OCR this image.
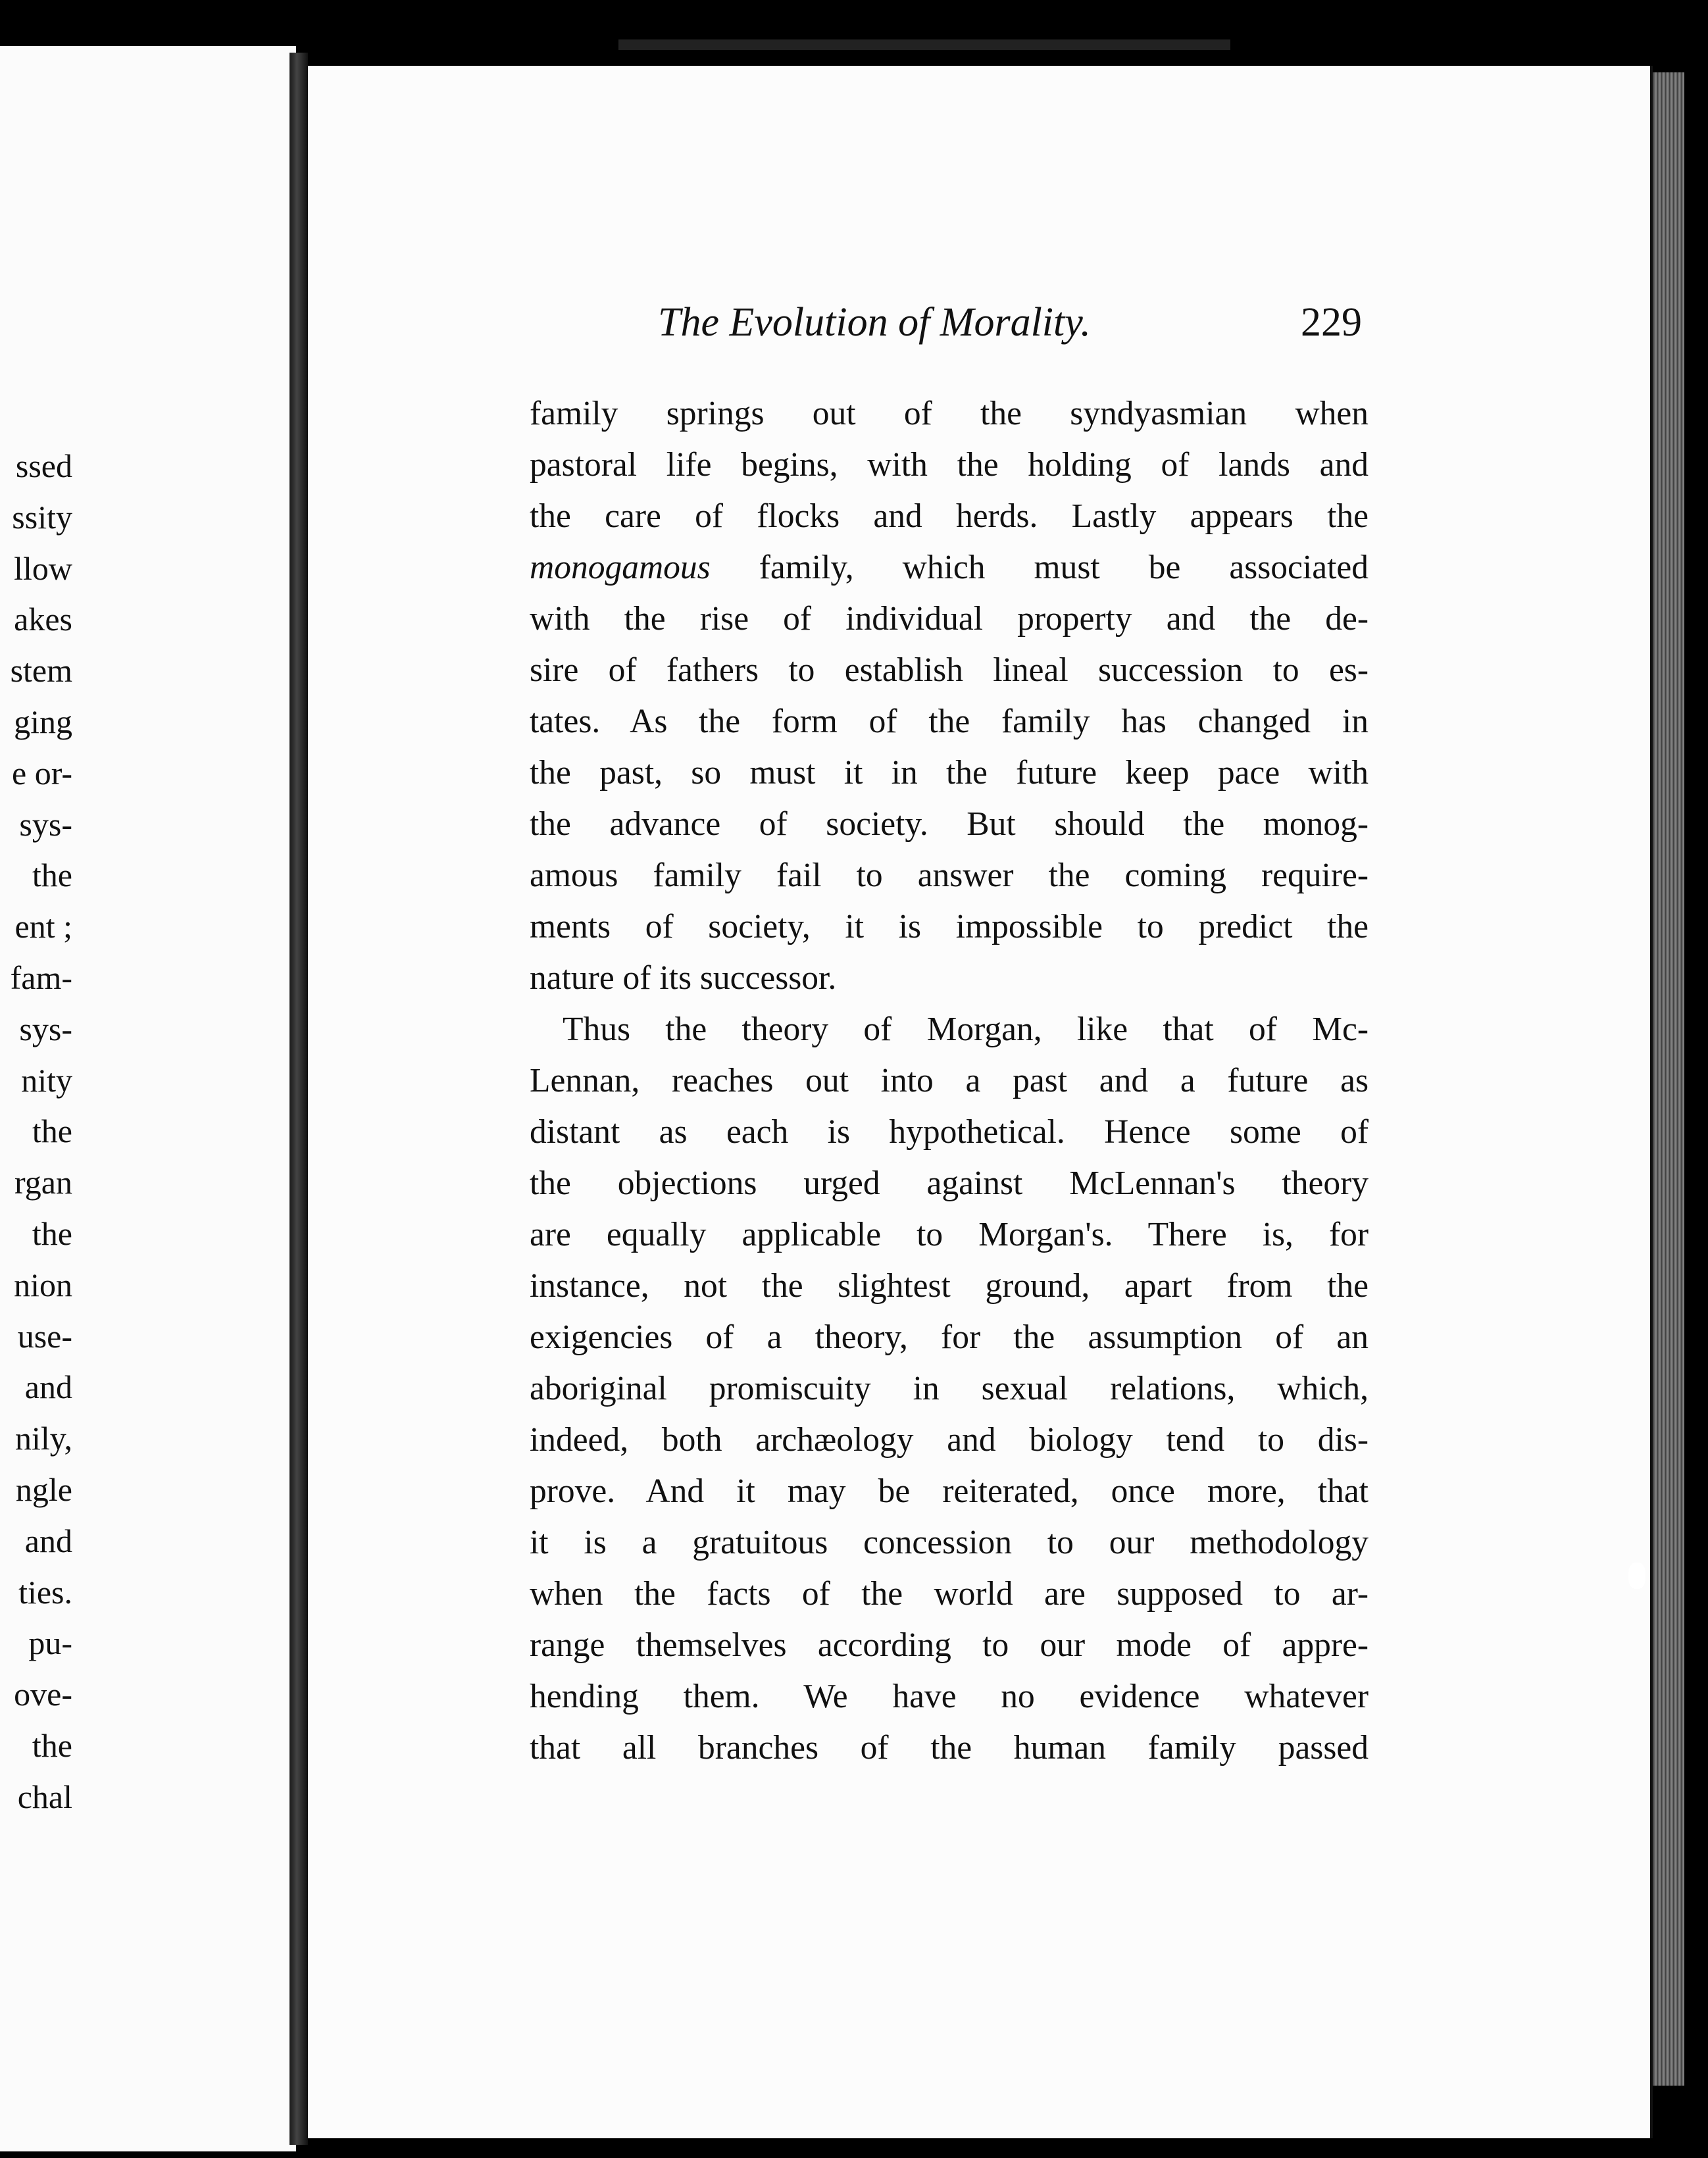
ssed
ssity
llow
akes
stem
ging
e or-
sys-
the
ent ;
fam-
sys-
nity
the
rgan
the
nion
use-
and
nily,
ngle
and
ties.
pu-
ove-
the
chal
The Evolution of Morality.	229
family springs out of the syndyasmian when
pastoral life begins, with the holding of lands and
the care of flocks and herds. Lastly appears the
monogamous family, which must be associated
with the rise of individual property and the de-
sire of fathers to establish lineal succession to es-
tates. As the form of the family has changed in
the past, so must it in the future keep pace with
the advance of society. But should the monog-
amous family fail to answer the coming require-
ments of society, it is impossible to predict the
nature of its successor.
Thus the theory of Morgan, like that of Mc-
Lennan, reaches out into a past and a future as
distant as each is hypothetical. Hence some of
the objections urged against McLennan's theory
are equally applicable to Morgan's. There is, for
instance, not the slightest ground, apart from the
exigencies of a theory, for the assumption of an
aboriginal promiscuity in sexual relations, which,
indeed, both archæology and biology tend to dis-
prove. And it may be reiterated, once more, that
it is a gratuitous concession to our methodology
when the facts of the world are supposed to ar-
range themselves according to our mode of appre-
hending them. We have no evidence whatever
that all branches of the human family passed
